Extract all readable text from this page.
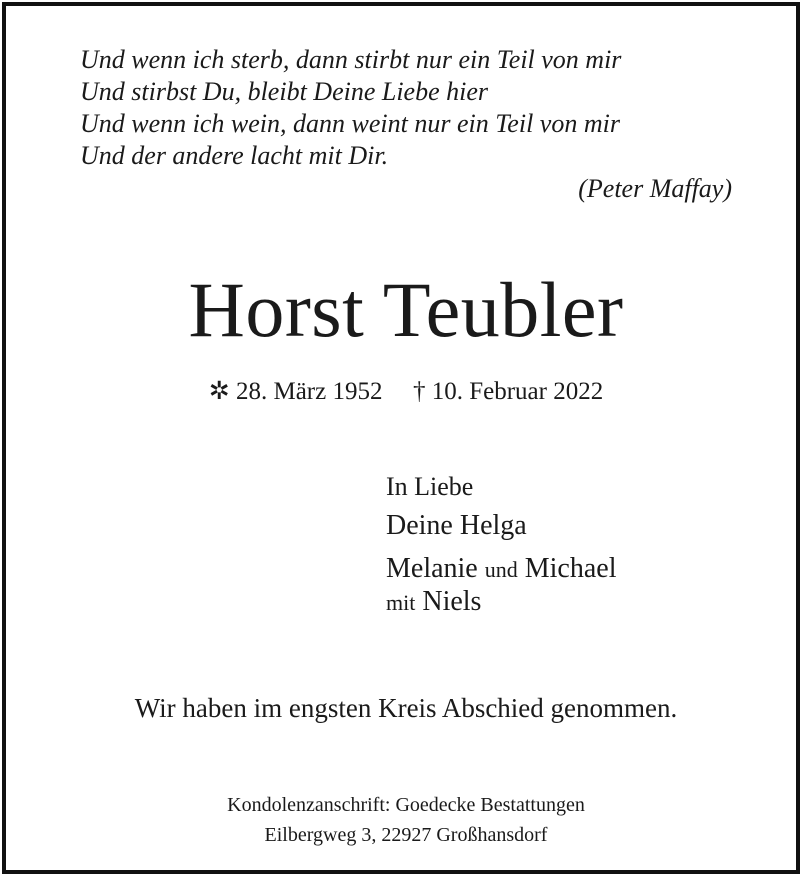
Und wenn ich sterb, dann stirbt nur ein Teil von mir
Und stirbst Du, bleibt Deine Liebe hier
Und wenn ich wein, dann weint nur ein Teil von mir
Und der andere lacht mit Dir.
(Peter Maffay)
Horst Teubler
✲ 28. März 1952 † 10. Februar 2022
In Liebe
Deine Helga
Melanie und Michael
mit Niels
Wir haben im engsten Kreis Abschied genommen.
Kondolenzanschrift: Goedecke Bestattungen
Eilbergweg 3, 22927 Großhansdorf
